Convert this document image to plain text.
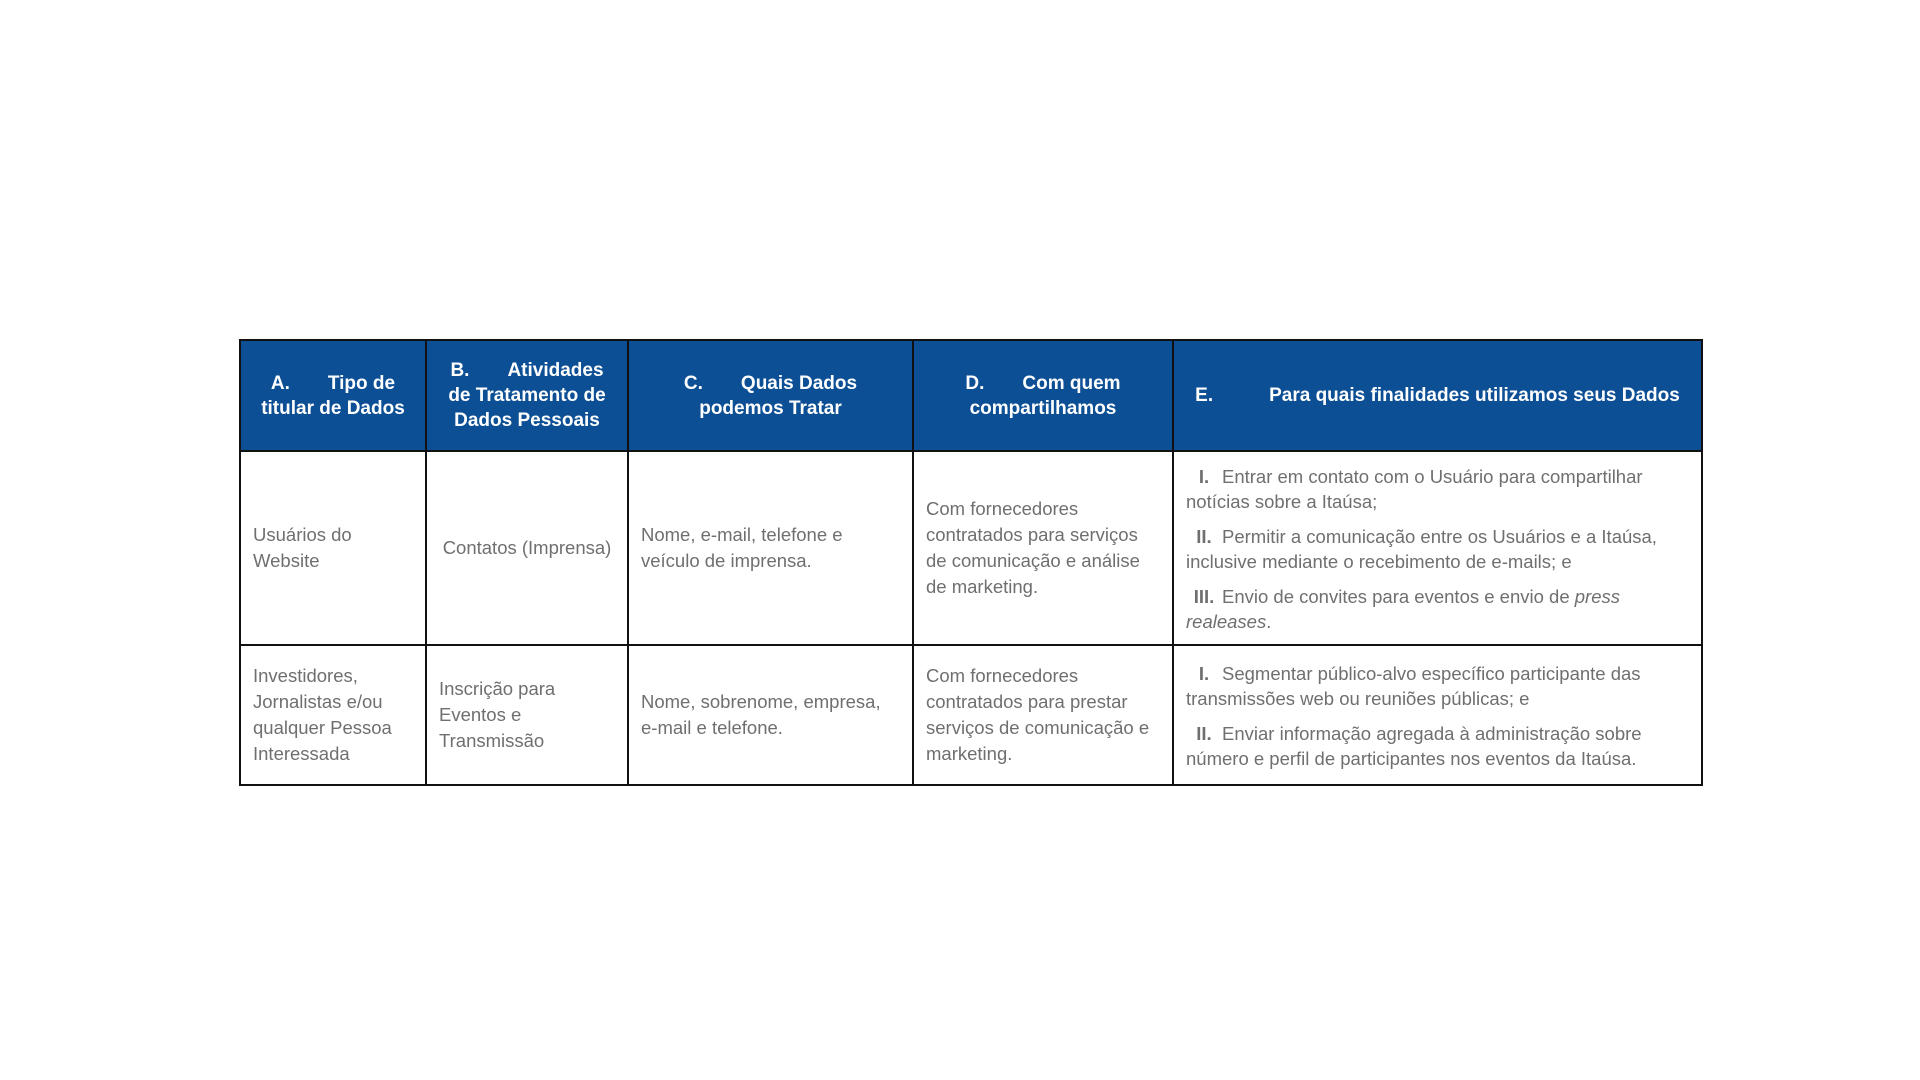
A. Tipo de titular de Dados	B. Atividades de Tratamento de Dados Pessoais	C. Quais Dados podemos Tratar	D. Com quem compartilhamos	E. Para quais finalidades utilizamos seus Dados
Usuários do Website	Contatos (Imprensa)	Nome, e-mail, telefone e veículo de imprensa.	Com fornecedores contratados para serviços de comunicação e análise de marketing.	I. Entrar em contato com o Usuário para compartilhar notícias sobre a Itaúsa;
II. Permitir a comunicação entre os Usuários e a Itaúsa, inclusive mediante o recebimento de e-mails; e
III. Envio de convites para eventos e envio de press realeases.

Investidores, Jornalistas e/ou qualquer Pessoa Interessada	Inscrição para Eventos e Transmissão	Nome, sobrenome, empresa, e-mail e telefone.	Com fornecedores contratados para prestar serviços de comunicação e marketing.	I. Segmentar público-alvo específico participante das transmissões web ou reuniões públicas; e
II. Enviar informação agregada à administração sobre número e perfil de participantes nos eventos da Itaúsa.
